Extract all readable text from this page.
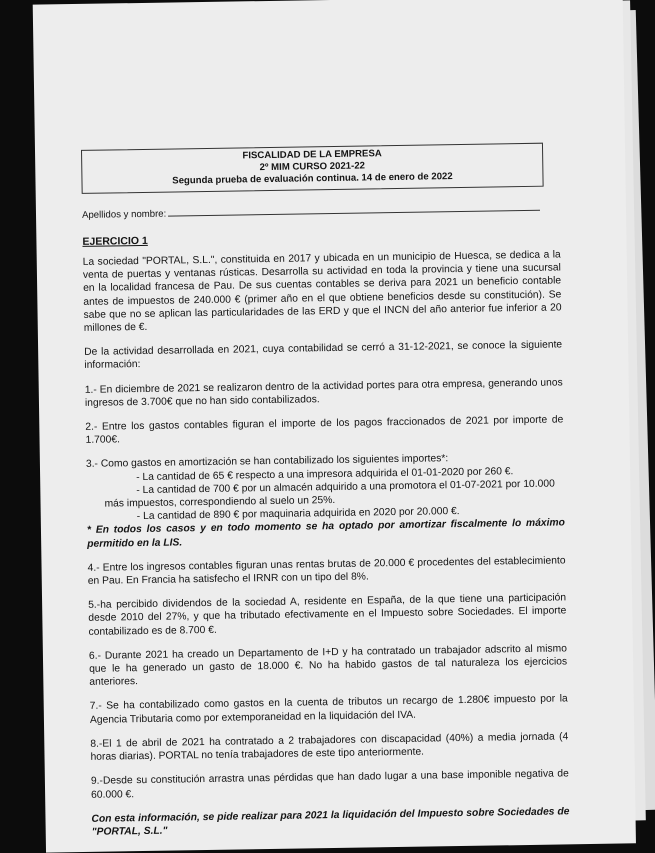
FISCALIDAD DE LA EMPRESA
2º MIM CURSO 2021-22
Segunda prueba de evaluación continua. 14 de enero de 2022
Apellidos y nombre:
EJERCICIO 1

La sociedad "PORTAL, S.L.", constituida en 2017 y ubicada en un municipio de Huesca, se dedica a la venta de puertas y ventanas rústicas. Desarrolla su actividad en toda la provincia y tiene una sucursal en la localidad francesa de Pau. De sus cuentas contables se deriva para 2021 un beneficio contable antes de impuestos de 240.000 € (primer año en el que obtiene beneficios desde su constitución). Se sabe que no se aplican las particularidades de las ERD y que el INCN del año anterior fue inferior a 20 millones de €.

De la actividad desarrollada en 2021, cuya contabilidad se cerró a 31-12-2021, se conoce la siguiente información:

1.- En diciembre de 2021 se realizaron dentro de la actividad portes para otra empresa, generando unos ingresos de 3.700€ que no han sido contabilizados.

2.- Entre los gastos contables figuran el importe de los pagos fraccionados de 2021 por importe de 1.700€.

3.- Como gastos en amortización se han contabilizado los siguientes importes*:
- La cantidad de 65 € respecto a una impresora adquirida el 01-01-2020 por 260 €.
- La cantidad de 700 € por un almacén adquirido a una promotora el 01-07-2021 por 10.000
más impuestos, correspondiendo al suelo un 25%.
- La cantidad de 890 € por maquinaria adquirida en 2020 por 20.000 €.
* En todos los casos y en todo momento se ha optado por amortizar fiscalmente lo máximo permitido en la LIS.

4.- Entre los ingresos contables figuran unas rentas brutas de 20.000 € procedentes del establecimiento en Pau. En Francia ha satisfecho el IRNR con un tipo del 8%.

5.-ha percibido dividendos de la sociedad A, residente en España, de la que tiene una participación desde 2010 del 27%, y que ha tributado efectivamente en el Impuesto sobre Sociedades. El importe contabilizado es de 8.700 €.

6.- Durante 2021 ha creado un Departamento de I+D y ha contratado un trabajador adscrito al mismo que le ha generado un gasto de 18.000 €. No ha habido gastos de tal naturaleza los ejercicios anteriores.

7.- Se ha contabilizado como gastos en la cuenta de tributos un recargo de 1.280€ impuesto por la Agencia Tributaria como por extemporaneidad en la liquidación del IVA.

8.-El 1 de abril de 2021 ha contratado a 2 trabajadores con discapacidad (40%) a media jornada (4 horas diarias). PORTAL no tenía trabajadores de este tipo anteriormente.

9.-Desde su constitución arrastra unas pérdidas que han dado lugar a una base imponible negativa de 60.000 €.

Con esta información, se pide realizar para 2021 la liquidación del Impuesto sobre Sociedades de "PORTAL, S.L."
